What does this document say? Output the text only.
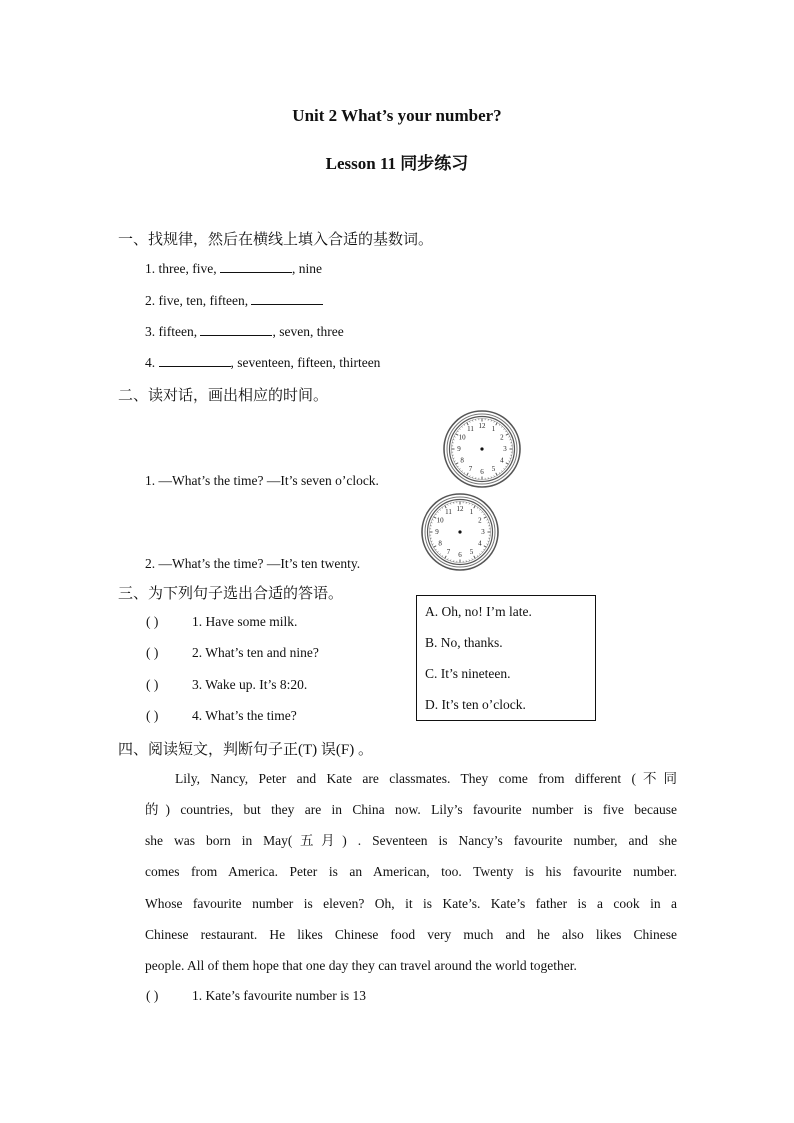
Unit 2 What’s your number?
Lesson 11 同步练习
一、找规律，然后在横线上填入合适的基数词。
1. three, five,	, nine
2. five, ten, fifteen,
3. fifteen,	, seven, three
4.	, seventeen, fifteen, thirteen
二、读对话，画出相应的时间。
12 1
2
3
4
5
6
7
8
9
10
11
12 1
2
3
4
5
6
7
8
9
10
11
1. —What’s the time? —It’s seven o’clock.
2. —What’s the time? —It’s ten twenty.
三、为下列句子选出合适的答语。
( ) 1. Have some milk.
( ) 2. What’s ten and nine?
( ) 3. Wake up. It’s 8:20.
( ) 4. What’s the time?
A. Oh, no! I’m late.
B. No, thanks.
C. It’s nineteen.
D. It’s ten o’clock.
四、阅读短文，判断句子正(T) 误(F) 。
Lily, Nancy, Peter and Kate are classmates. They come from different (不同
的) countries, but they are in China now. Lily’s favourite number is five because
she was born in May(五月) . Seventeen is Nancy’s favourite number, and she
comes from America. Peter is an American, too. Twenty is his favourite number.
Whose favourite number is eleven? Oh, it is Kate’s. Kate’s father is a cook in a
Chinese restaurant. He likes Chinese food very much and he also likes Chinese
people. All of them hope that one day they can travel around the world together.
( ) 1. Kate’s favourite number is 13
